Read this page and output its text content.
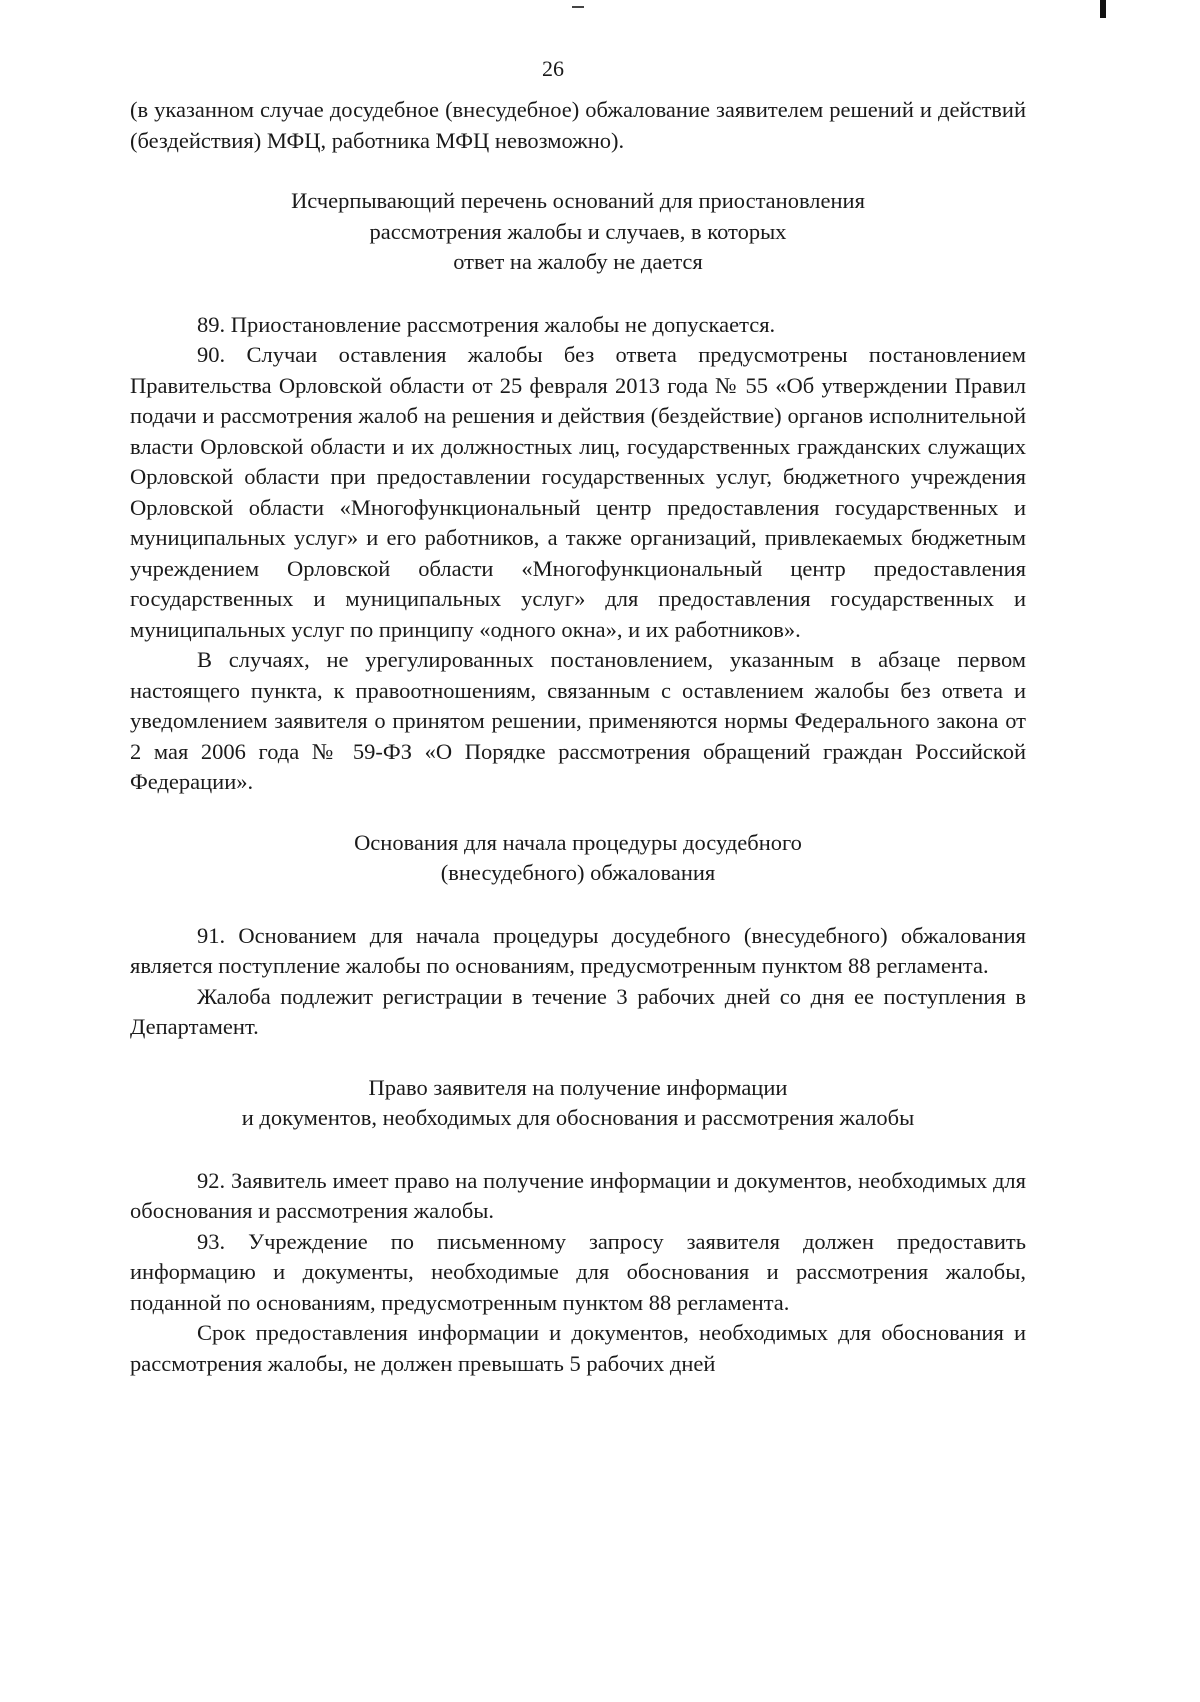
26

(в указанном случае досудебное (внесудебное) обжалование заявителем решений и действий (бездействия) МФЦ, работника МФЦ невозможно).

Исчерпывающий перечень оснований для приостановления
рассмотрения жалобы и случаев, в которых
ответ на жалобу не дается

89. Приостановление рассмотрения жалобы не допускается.

90. Случаи оставления жалобы без ответа предусмотрены постановлением Правительства Орловской области от 25 февраля 2013 года № 55 «Об утверждении Правил подачи и рассмотрения жалоб на решения и действия (бездействие) органов исполнительной власти Орловской области и их должностных лиц, государственных гражданских служащих Орловской области при предоставлении государственных услуг, бюджетного учреждения Орловской области «Многофункциональный центр предоставления государственных и муниципальных услуг» и его работников, а также организаций, привлекаемых бюджетным учреждением Орловской области «Многофункциональный центр предоставления государственных и муниципальных услуг» для предоставления государственных и муниципальных услуг по принципу «одного окна», и их работников».

В случаях, не урегулированных постановлением, указанным в абзаце первом настоящего пункта, к правоотношениям, связанным с оставлением жалобы без ответа и уведомлением заявителя о принятом решении, применяются нормы Федерального закона от 2 мая 2006 года № 59-ФЗ «О Порядке рассмотрения обращений граждан Российской Федерации».

Основания для начала процедуры досудебного
(внесудебного) обжалования

91. Основанием для начала процедуры досудебного (внесудебного) обжалования является поступление жалобы по основаниям, предусмотренным пунктом 88 регламента.

Жалоба подлежит регистрации в течение 3 рабочих дней со дня ее поступления в Департамент.

Право заявителя на получение информации
и документов, необходимых для обоснования и рассмотрения жалобы

92. Заявитель имеет право на получение информации и документов, необходимых для обоснования и рассмотрения жалобы.

93. Учреждение по письменному запросу заявителя должен предоставить информацию и документы, необходимые для обоснования и рассмотрения жалобы, поданной по основаниям, предусмотренным пунктом 88 регламента.

Срок предоставления информации и документов, необходимых для обоснования и рассмотрения жалобы, не должен превышать 5 рабочих дней
